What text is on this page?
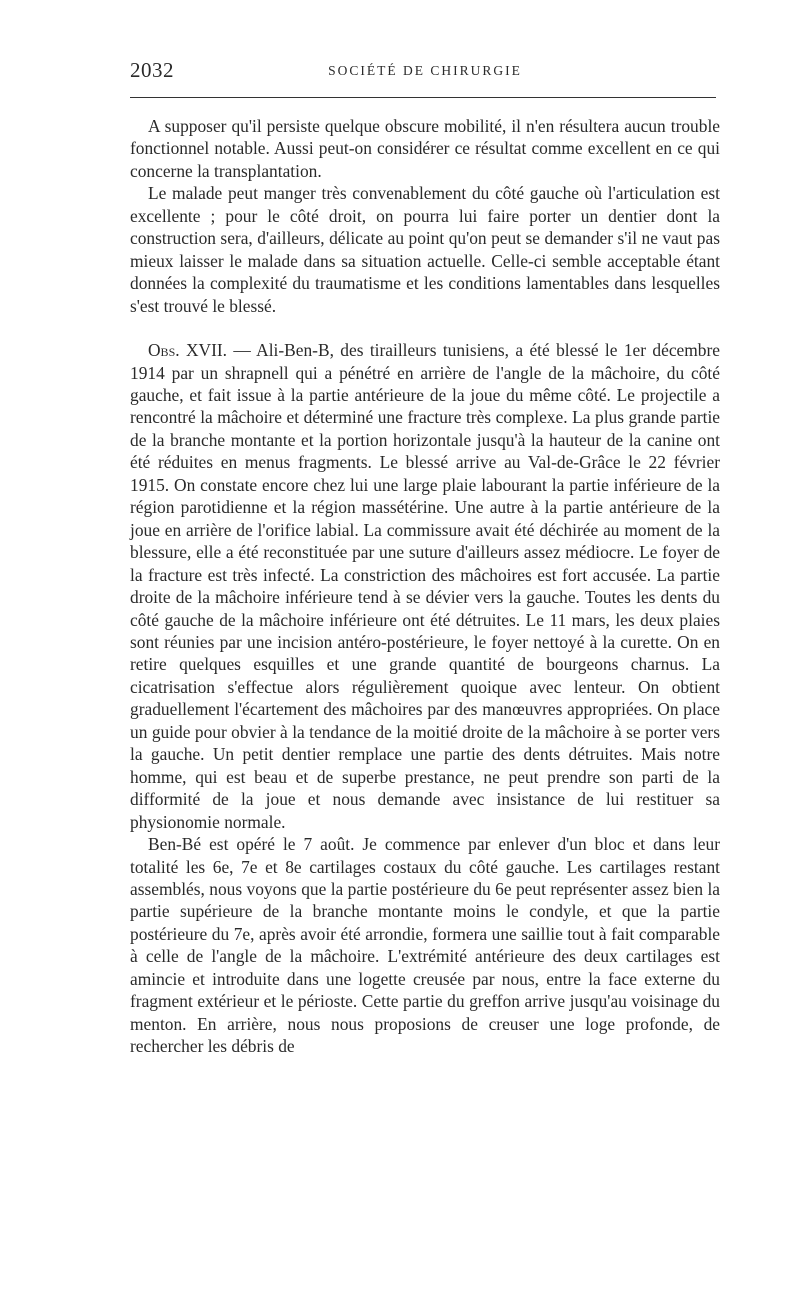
2032	SOCIÉTÉ DE CHIRURGIE

A supposer qu'il persiste quelque obscure mobilité, il n'en résultera aucun trouble fonctionnel notable. Aussi peut-on considérer ce résultat comme excellent en ce qui concerne la transplantation.

Le malade peut manger très convenablement du côté gauche où l'articulation est excellente ; pour le côté droit, on pourra lui faire porter un dentier dont la construction sera, d'ailleurs, délicate au point qu'on peut se demander s'il ne vaut pas mieux laisser le malade dans sa situation actuelle. Celle-ci semble acceptable étant données la complexité du traumatisme et les conditions lamentables dans lesquelles s'est trouvé le blessé.

Obs. XVII. — Ali-Ben-B, des tirailleurs tunisiens, a été blessé le 1er décembre 1914 par un shrapnell qui a pénétré en arrière de l'angle de la mâchoire, du côté gauche, et fait issue à la partie antérieure de la joue du même côté. Le projectile a rencontré la mâchoire et déterminé une fracture très complexe. La plus grande partie de la branche montante et la portion horizontale jusqu'à la hauteur de la canine ont été réduites en menus fragments. Le blessé arrive au Val-de-Grâce le 22 février 1915. On constate encore chez lui une large plaie labourant la partie inférieure de la région parotidienne et la région massétérine. Une autre à la partie antérieure de la joue en arrière de l'orifice labial. La commissure avait été déchirée au moment de la blessure, elle a été reconstituée par une suture d'ailleurs assez médiocre. Le foyer de la fracture est très infecté. La constriction des mâchoires est fort accusée. La partie droite de la mâchoire inférieure tend à se dévier vers la gauche. Toutes les dents du côté gauche de la mâchoire inférieure ont été détruites. Le 11 mars, les deux plaies sont réunies par une incision antéro-postérieure, le foyer nettoyé à la curette. On en retire quelques esquilles et une grande quantité de bourgeons charnus. La cicatrisation s'effectue alors régulièrement quoique avec lenteur. On obtient graduellement l'écartement des mâchoires par des manœuvres appropriées. On place un guide pour obvier à la tendance de la moitié droite de la mâchoire à se porter vers la gauche. Un petit dentier remplace une partie des dents détruites. Mais notre homme, qui est beau et de superbe prestance, ne peut prendre son parti de la difformité de la joue et nous demande avec insistance de lui restituer sa physionomie normale.

Ben-Bé est opéré le 7 août. Je commence par enlever d'un bloc et dans leur totalité les 6e, 7e et 8e cartilages costaux du côté gauche. Les cartilages restant assemblés, nous voyons que la partie postérieure du 6e peut représenter assez bien la partie supérieure de la branche montante moins le condyle, et que la partie postérieure du 7e, après avoir été arrondie, formera une saillie tout à fait comparable à celle de l'angle de la mâchoire. L'extrémité antérieure des deux cartilages est amincie et introduite dans une logette creusée par nous, entre la face externe du fragment extérieur et le périoste. Cette partie du greffon arrive jusqu'au voisinage du menton. En arrière, nous nous proposions de creuser une loge profonde, de rechercher les débris de
